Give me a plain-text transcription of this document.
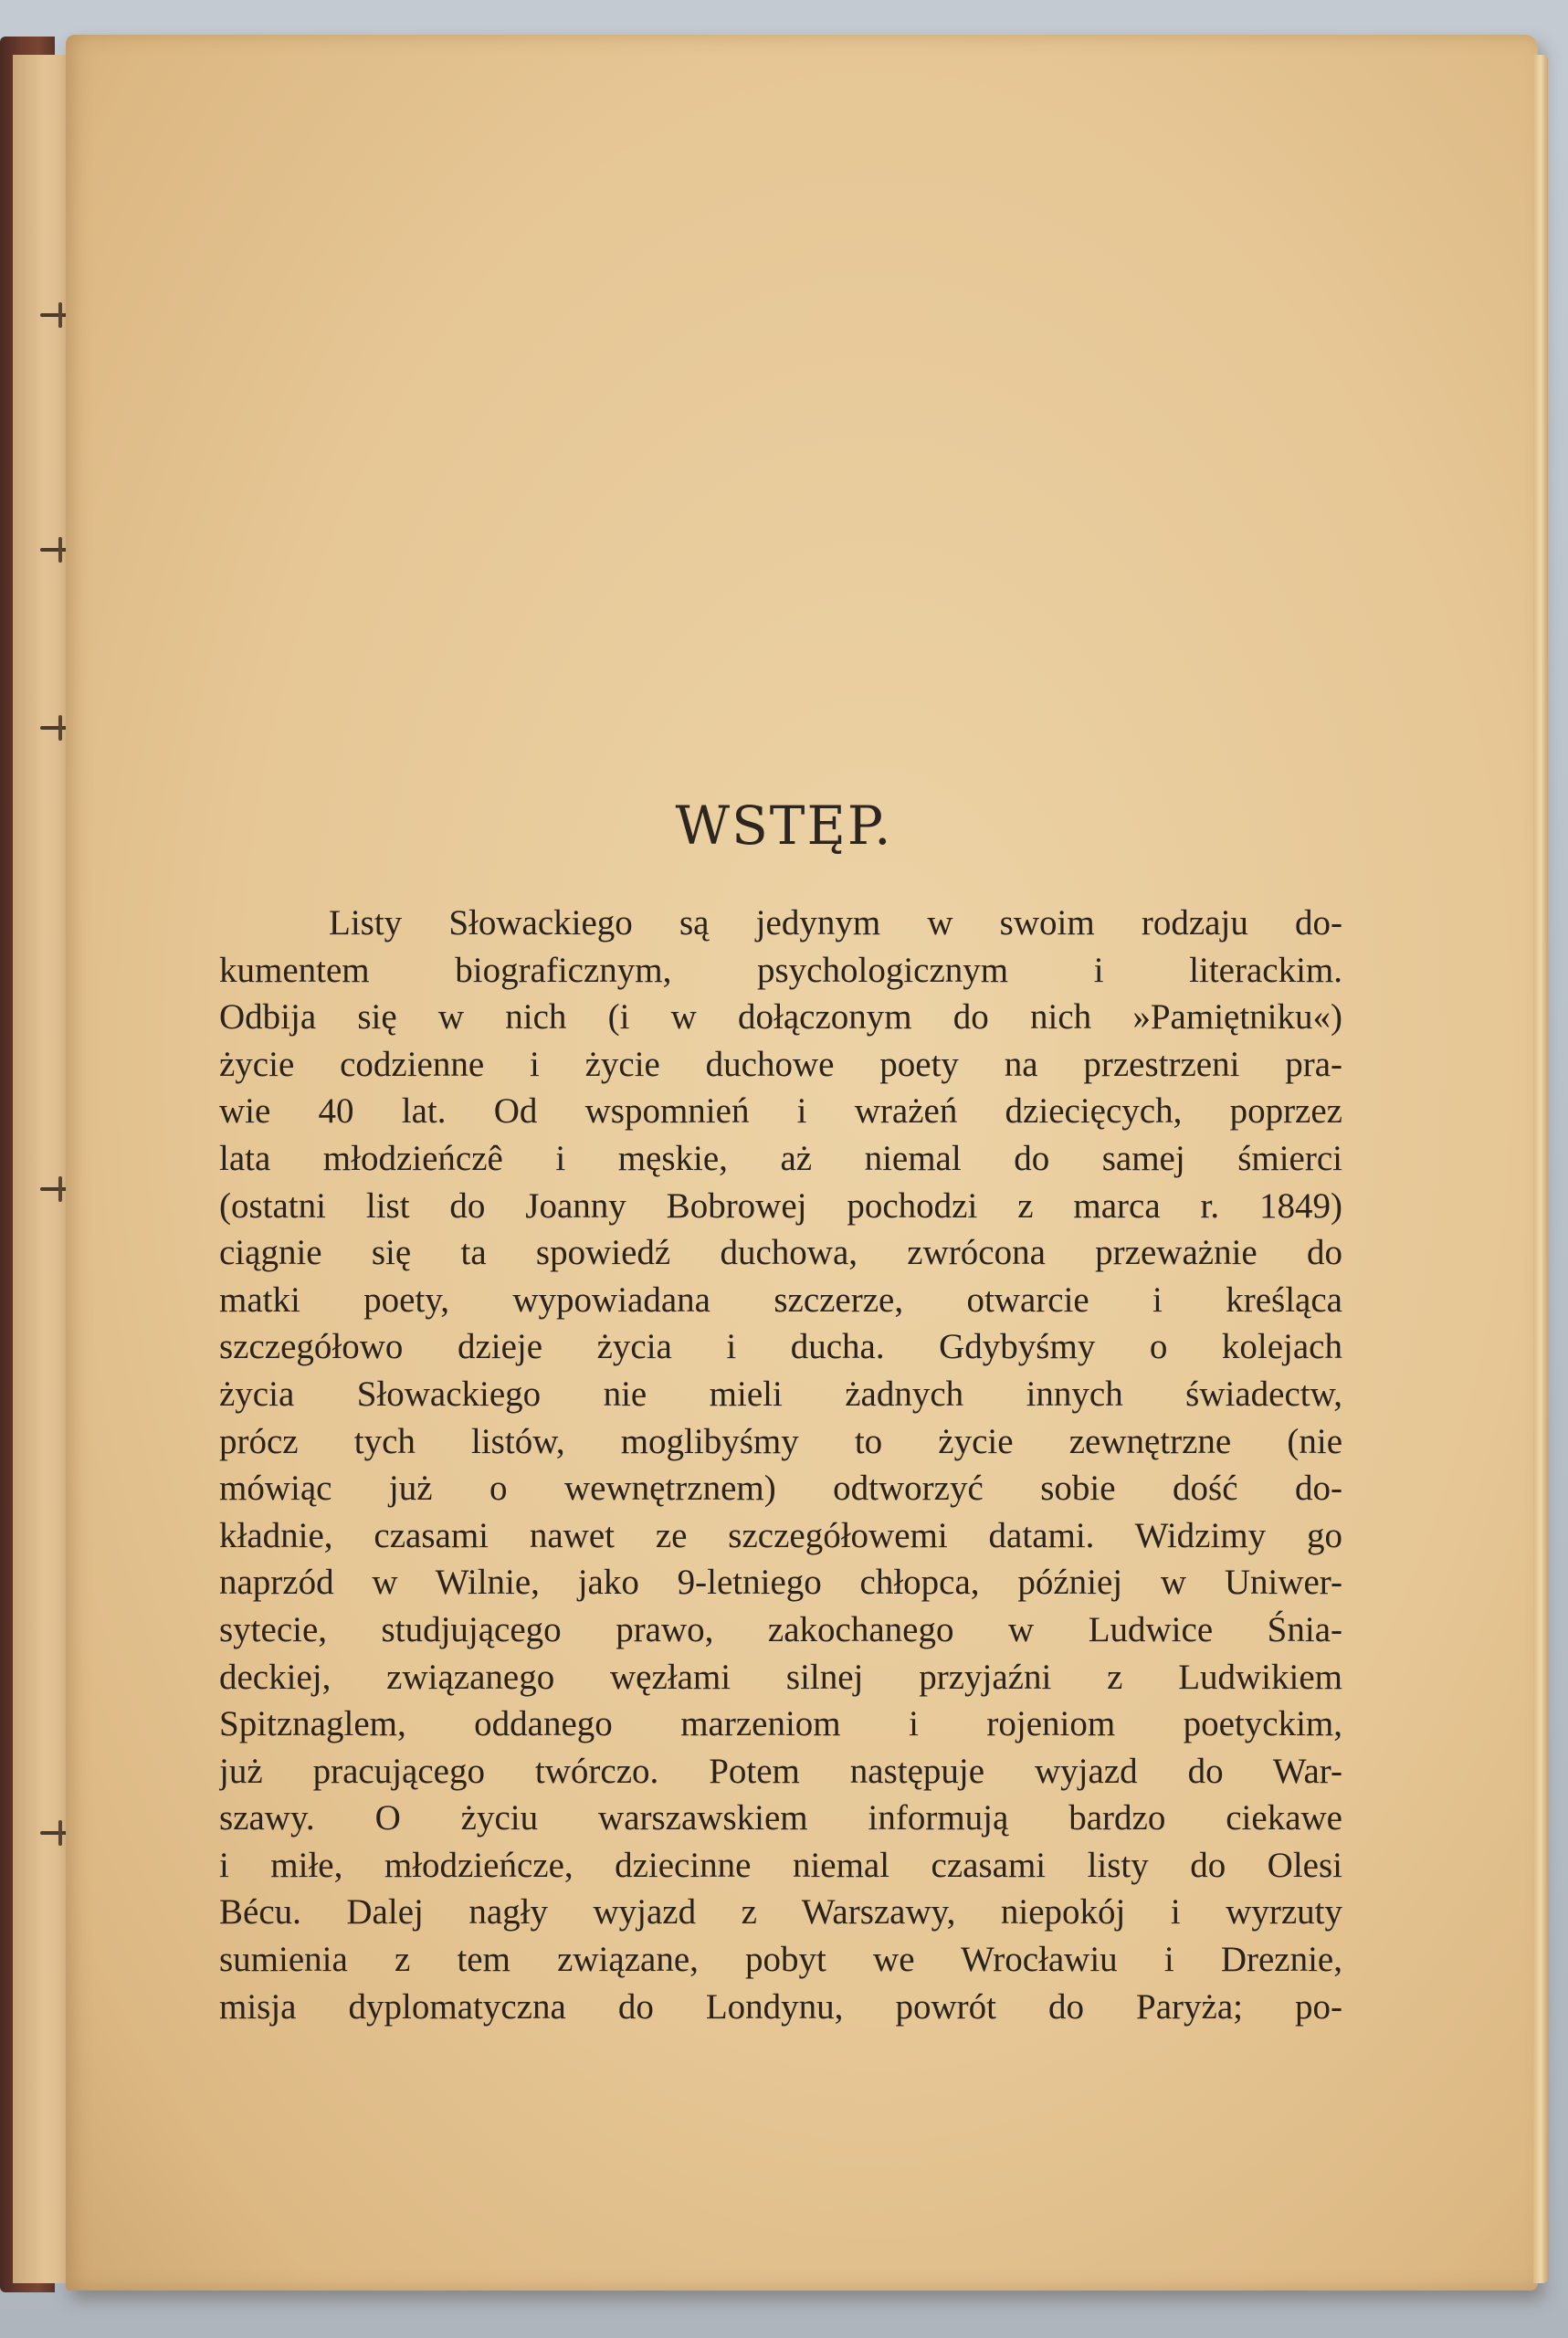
WSTĘP.
Listy Słowackiego są jedynym w swoim rodzaju do-
kumentem biograficznym, psychologicznym i literackim.
Odbija się w nich (i w dołączonym do nich »Pamiętniku«)
życie codzienne i życie duchowe poety na przestrzeni pra-
wie 40 lat. Od wspomnień i wrażeń dziecięcych, poprzez
lata młodzieńczê i męskie, aż niemal do samej śmierci
(ostatni list do Joanny Bobrowej pochodzi z marca r. 1849)
ciągnie się ta spowiedź duchowa, zwrócona przeważnie do
matki poety, wypowiadana szczerze, otwarcie i kreśląca
szczegółowo dzieje życia i ducha. Gdybyśmy o kolejach
życia Słowackiego nie mieli żadnych innych świadectw,
prócz tych listów, moglibyśmy to życie zewnętrzne (nie
mówiąc już o wewnętrznem) odtworzyć sobie dość do-
kładnie, czasami nawet ze szczegółowemi datami. Widzimy go
naprzód w Wilnie, jako 9-letniego chłopca, później w Uniwer-
sytecie, studjującego prawo, zakochanego w Ludwice Śnia-
deckiej, związanego węzłami silnej przyjaźni z Ludwikiem
Spitznaglem, oddanego marzeniom i rojeniom poetyckim,
już pracującego twórczo. Potem następuje wyjazd do War-
szawy. O życiu warszawskiem informują bardzo ciekawe
i miłe, młodzieńcze, dziecinne niemal czasami listy do Olesi
Bécu. Dalej nagły wyjazd z Warszawy, niepokój i wyrzuty
sumienia z tem związane, pobyt we Wrocławiu i Dreznie,
misja dyplomatyczna do Londynu, powrót do Paryża; po-
